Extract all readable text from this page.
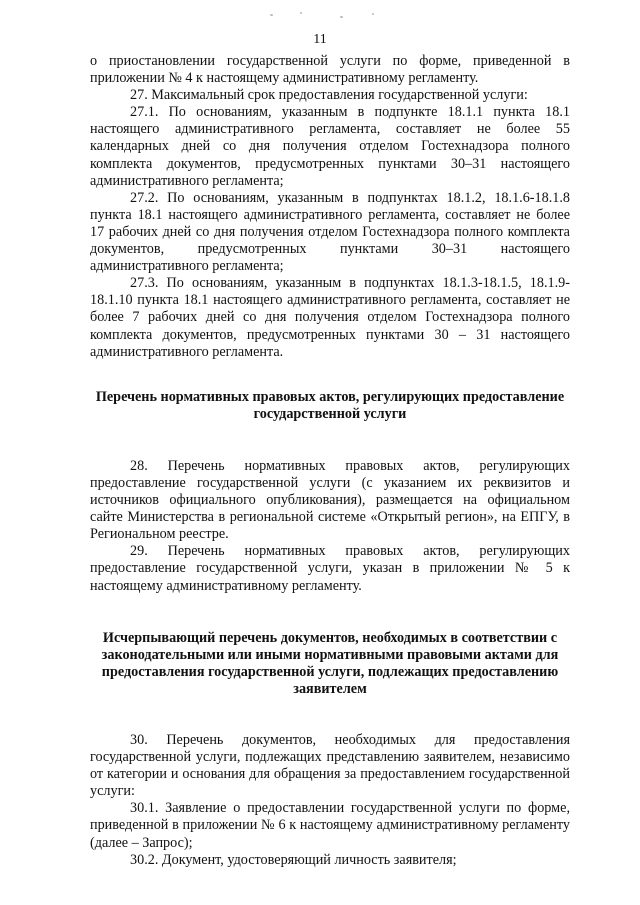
11

о приостановлении государственной услуги по форме, приведенной в приложении № 4 к настоящему административному регламенту.

27. Максимальный срок предоставления государственной услуги:

27.1. По основаниям, указанным в подпункте 18.1.1 пункта 18.1 настоящего административного регламента, составляет не более 55 календарных дней со дня получения отделом Гостехнадзора полного комплекта документов, предусмотренных пунктами 30–31 настоящего административного регламента;

27.2. По основаниям, указанным в подпунктах 18.1.2, 18.1.6-18.1.8 пункта 18.1 настоящего административного регламента, составляет не более 17 рабочих дней со дня получения отделом Гостехнадзора полного комплекта документов, предусмотренных пунктами 30–31 настоящего административного регламента;

27.3. По основаниям, указанным в подпунктах 18.1.3-18.1.5, 18.1.9-18.1.10 пункта 18.1 настоящего административного регламента, составляет не более 7 рабочих дней со дня получения отделом Гостехнадзора полного комплекта документов, предусмотренных пунктами 30 – 31 настоящего административного регламента.

Перечень нормативных правовых актов, регулирующих предоставление государственной услуги

28. Перечень нормативных правовых актов, регулирующих предоставление государственной услуги (с указанием их реквизитов и источников официального опубликования), размещается на официальном сайте Министерства в региональной системе «Открытый регион», на ЕПГУ, в Региональном реестре.

29. Перечень нормативных правовых актов, регулирующих предоставление государственной услуги, указан в приложении № 5 к настоящему административному регламенту.

Исчерпывающий перечень документов, необходимых в соответствии с законодательными или иными нормативными правовыми актами для предоставления государственной услуги, подлежащих предоставлению заявителем

30. Перечень документов, необходимых для предоставления государственной услуги, подлежащих представлению заявителем, независимо от категории и основания для обращения за предоставлением государственной услуги:

30.1. Заявление о предоставлении государственной услуги по форме, приведенной в приложении № 6 к настоящему административному регламенту (далее – Запрос);

30.2. Документ, удостоверяющий личность заявителя;
